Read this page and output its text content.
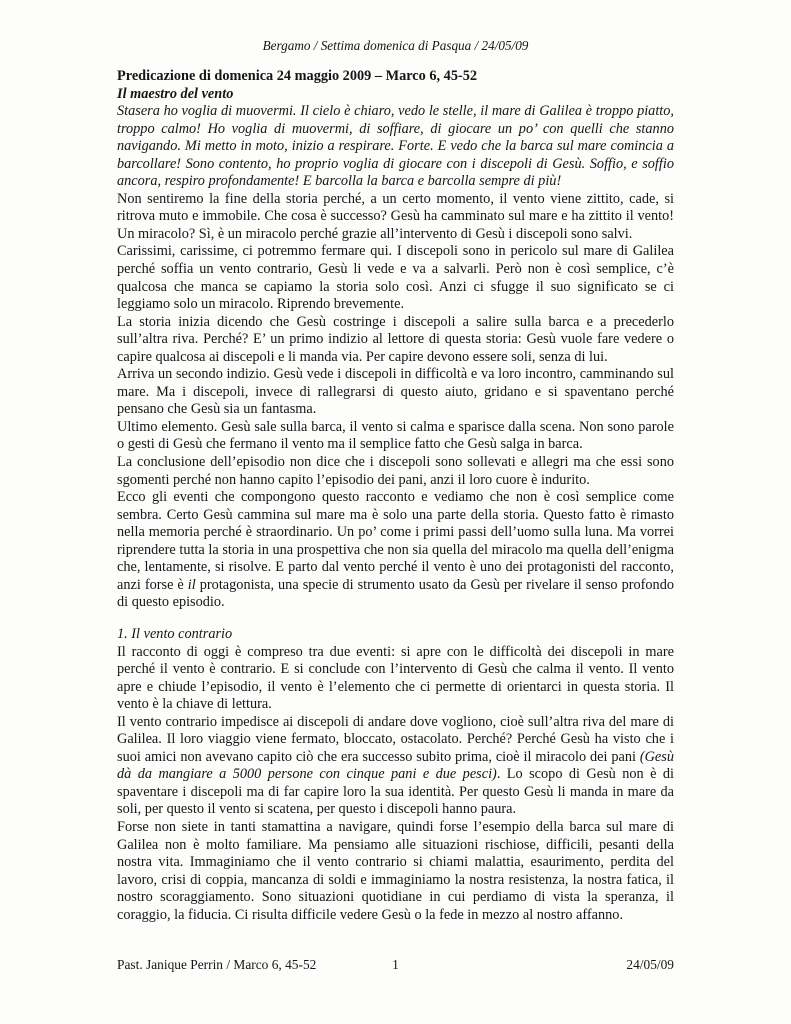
Bergamo / Settima domenica di Pasqua / 24/05/09

Predicazione di domenica 24 maggio 2009 – Marco 6, 45-52

Il maestro del vento

Stasera ho voglia di muovermi. Il cielo è chiaro, vedo le stelle, il mare di Galilea è troppo piatto, troppo calmo! Ho voglia di muovermi, di soffiare, di giocare un po’ con quelli che stanno navigando. Mi metto in moto, inizio a respirare. Forte. E vedo che la barca sul mare comincia a barcollare! Sono contento, ho proprio voglia di giocare con i discepoli di Gesù. Soffio, e soffio ancora, respiro profondamente! E barcolla la barca e barcolla sempre di più!

Non sentiremo la fine della storia perché, a un certo momento, il vento viene zittito, cade, si ritrova muto e immobile. Che cosa è successo? Gesù ha camminato sul mare e ha zittito il vento! Un miracolo? Sì, è un miracolo perché grazie all’intervento di Gesù i discepoli sono salvi.

Carissimi, carissime, ci potremmo fermare qui. I discepoli sono in pericolo sul mare di Galilea perché soffia un vento contrario, Gesù li vede e va a salvarli. Però non è così semplice, c’è qualcosa che manca se capiamo la storia solo così. Anzi ci sfugge il suo significato se ci leggiamo solo un miracolo. Riprendo brevemente.

La storia inizia dicendo che Gesù costringe i discepoli a salire sulla barca e a precederlo sull’altra riva. Perché? E’ un primo indizio al lettore di questa storia: Gesù vuole fare vedere o capire qualcosa ai discepoli e li manda via. Per capire devono essere soli, senza di lui.

Arriva un secondo indizio. Gesù vede i discepoli in difficoltà e va loro incontro, camminando sul mare. Ma i discepoli, invece di rallegrarsi di questo aiuto, gridano e si spaventano perché pensano che Gesù sia un fantasma.

Ultimo elemento. Gesù sale sulla barca, il vento si calma e sparisce dalla scena. Non sono parole o gesti di Gesù che fermano il vento ma il semplice fatto che Gesù salga in barca.

La conclusione dell’episodio non dice che i discepoli sono sollevati e allegri ma che essi sono sgomenti perché non hanno capito l’episodio dei pani, anzi il loro cuore è indurito.

Ecco gli eventi che compongono questo racconto e vediamo che non è così semplice come sembra. Certo Gesù cammina sul mare ma è solo una parte della storia. Questo fatto è rimasto nella memoria perché è straordinario. Un po’ come i primi passi dell’uomo sulla luna. Ma vorrei riprendere tutta la storia in una prospettiva che non sia quella del miracolo ma quella dell’enigma che, lentamente, si risolve. E parto dal vento perché il vento è uno dei protagonisti del racconto, anzi forse è il protagonista, una specie di strumento usato da Gesù per rivelare il senso profondo di questo episodio.

1. Il vento contrario

Il racconto di oggi è compreso tra due eventi: si apre con le difficoltà dei discepoli in mare perché il vento è contrario. E si conclude con l’intervento di Gesù che calma il vento. Il vento apre e chiude l’episodio, il vento è l’elemento che ci permette di orientarci in questa storia. Il vento è la chiave di lettura.

Il vento contrario impedisce ai discepoli di andare dove vogliono, cioè sull’altra riva del mare di Galilea. Il loro viaggio viene fermato, bloccato, ostacolato. Perché? Perché Gesù ha visto che i suoi amici non avevano capito ciò che era successo subito prima, cioè il miracolo dei pani (Gesù dà da mangiare a 5000 persone con cinque pani e due pesci). Lo scopo di Gesù non è di spaventare i discepoli ma di far capire loro la sua identità. Per questo Gesù li manda in mare da soli, per questo il vento si scatena, per questo i discepoli hanno paura.

Forse non siete in tanti stamattina a navigare, quindi forse l’esempio della barca sul mare di Galilea non è molto familiare. Ma pensiamo alle situazioni rischiose, difficili, pesanti della nostra vita. Immaginiamo che il vento contrario si chiami malattia, esaurimento, perdita del lavoro, crisi di coppia, mancanza di soldi e immaginiamo la nostra resistenza, la nostra fatica, il nostro scoraggiamento. Sono situazioni quotidiane in cui perdiamo di vista la speranza, il coraggio, la fiducia. Ci risulta difficile vedere Gesù o la fede in mezzo al nostro affanno.

Past. Janique Perrin / Marco 6, 45-52	1	24/05/09
